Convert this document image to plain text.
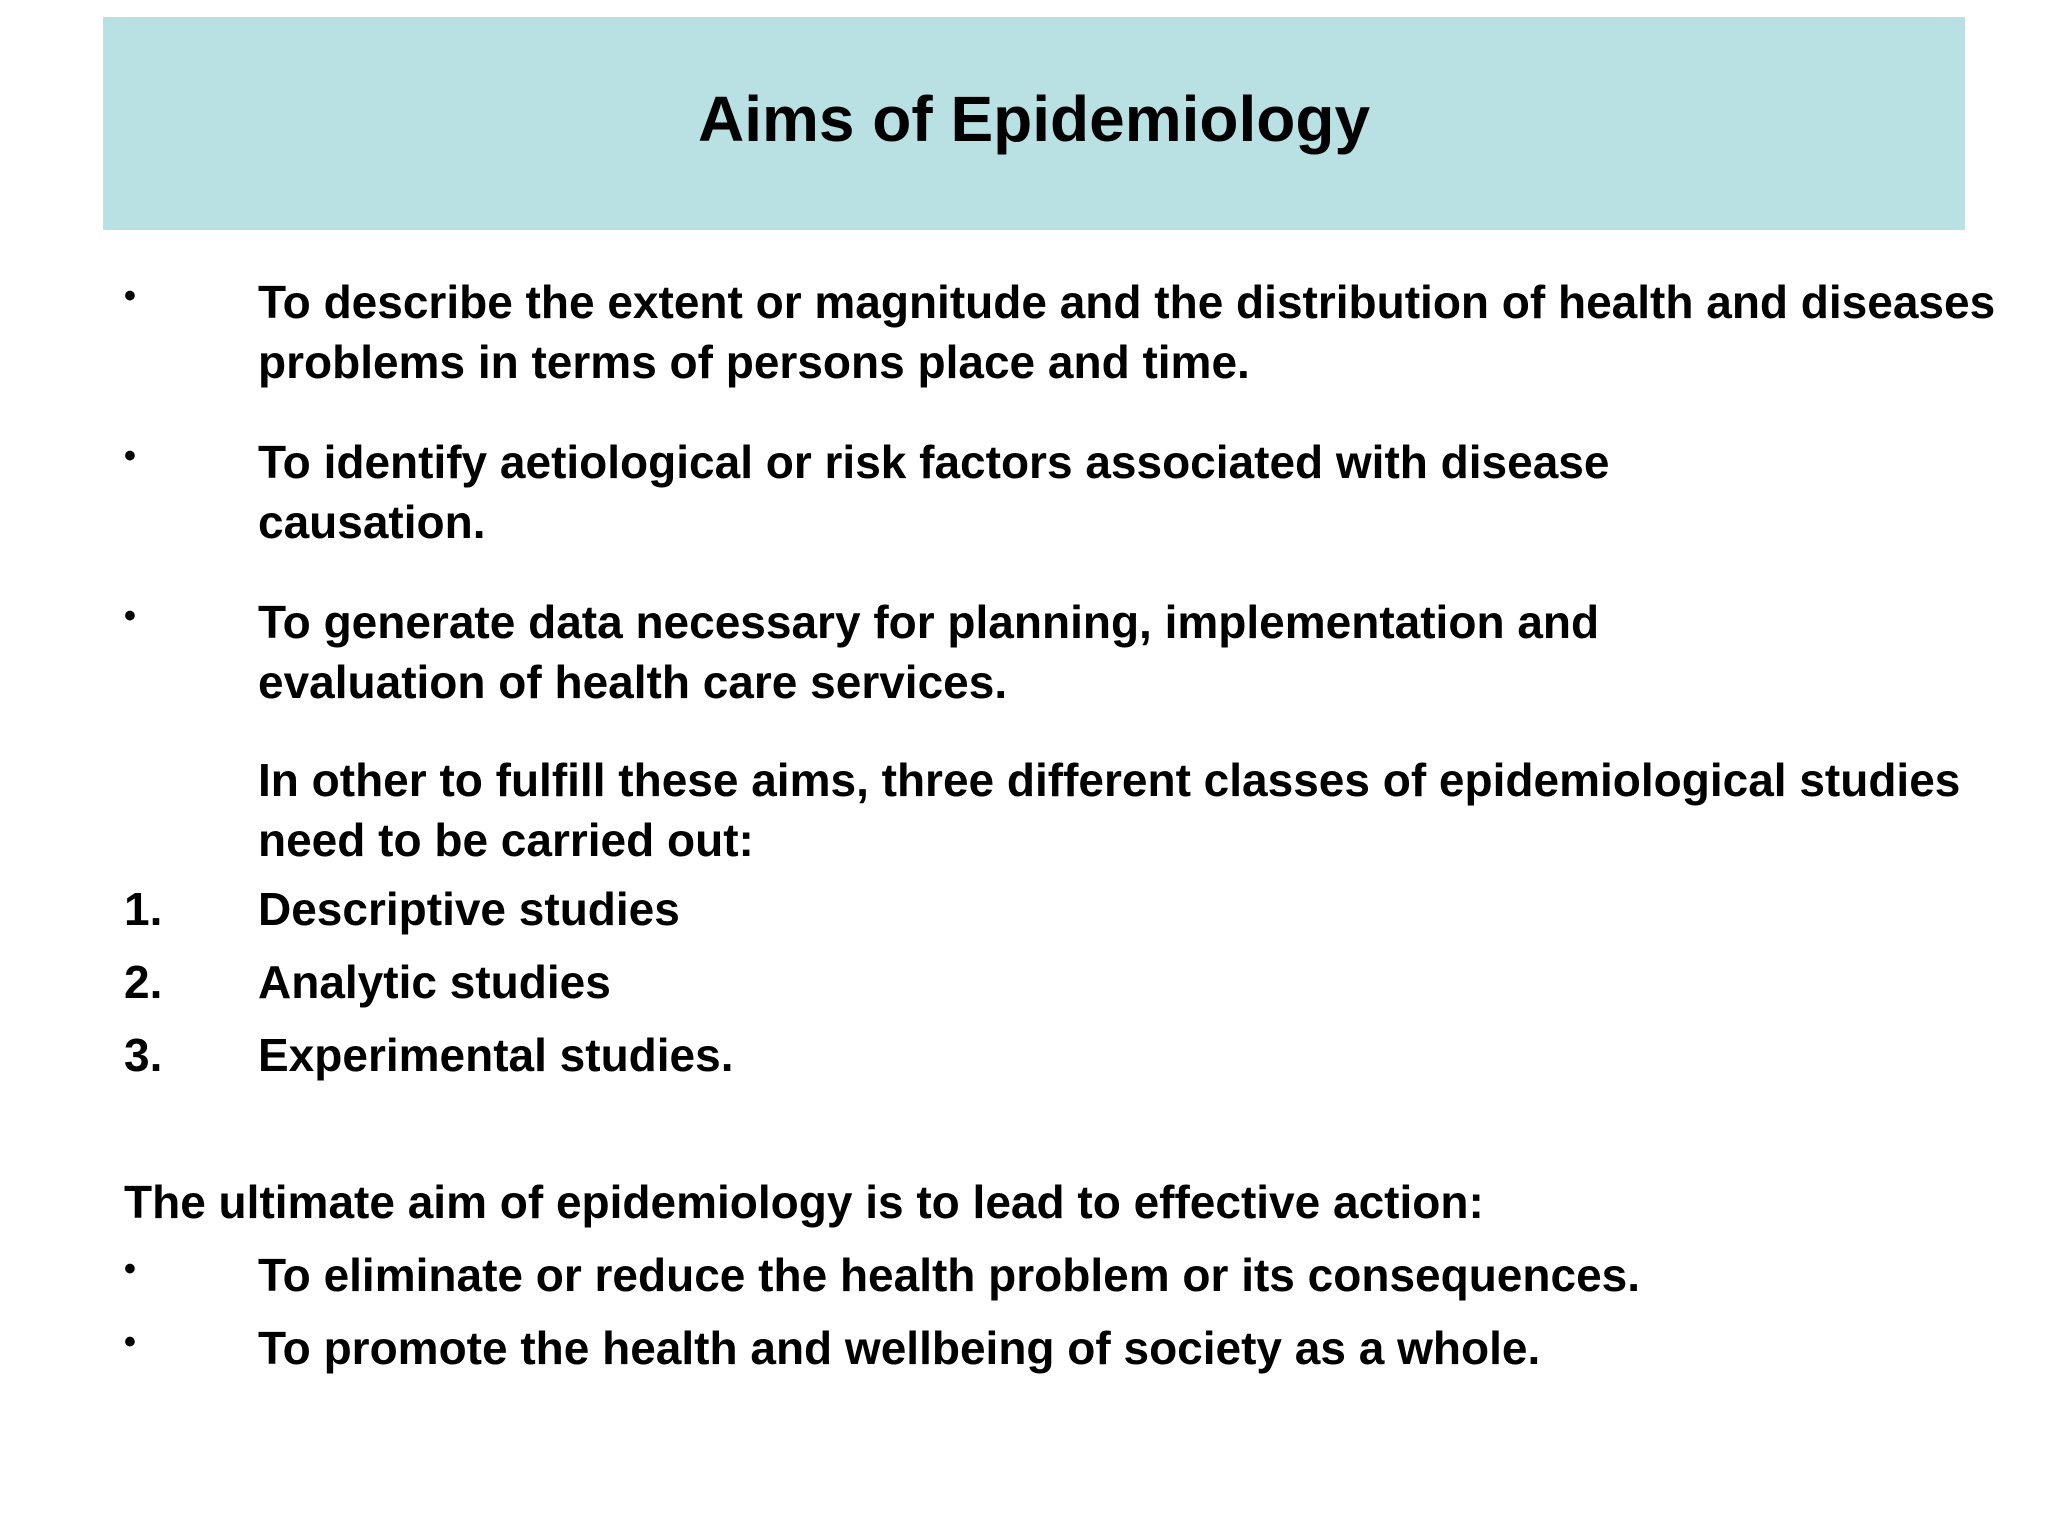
Aims of Epidemiology
•	To describe the extent or magnitude and the distribution of health and diseases problems in terms of persons place and time.
•	To identify aetiological or risk factors associated with disease causation.
•	To generate data necessary for planning, implementation and evaluation of health care services.
In other to fulfill these aims, three different classes of epidemiological studies need to be carried out:
1. Descriptive studies
2. Analytic studies
3. Experimental studies.
The ultimate aim of epidemiology is to lead to effective action:
•	To eliminate or reduce the health problem or its consequences.
•	To promote the health and wellbeing of society as a whole.
